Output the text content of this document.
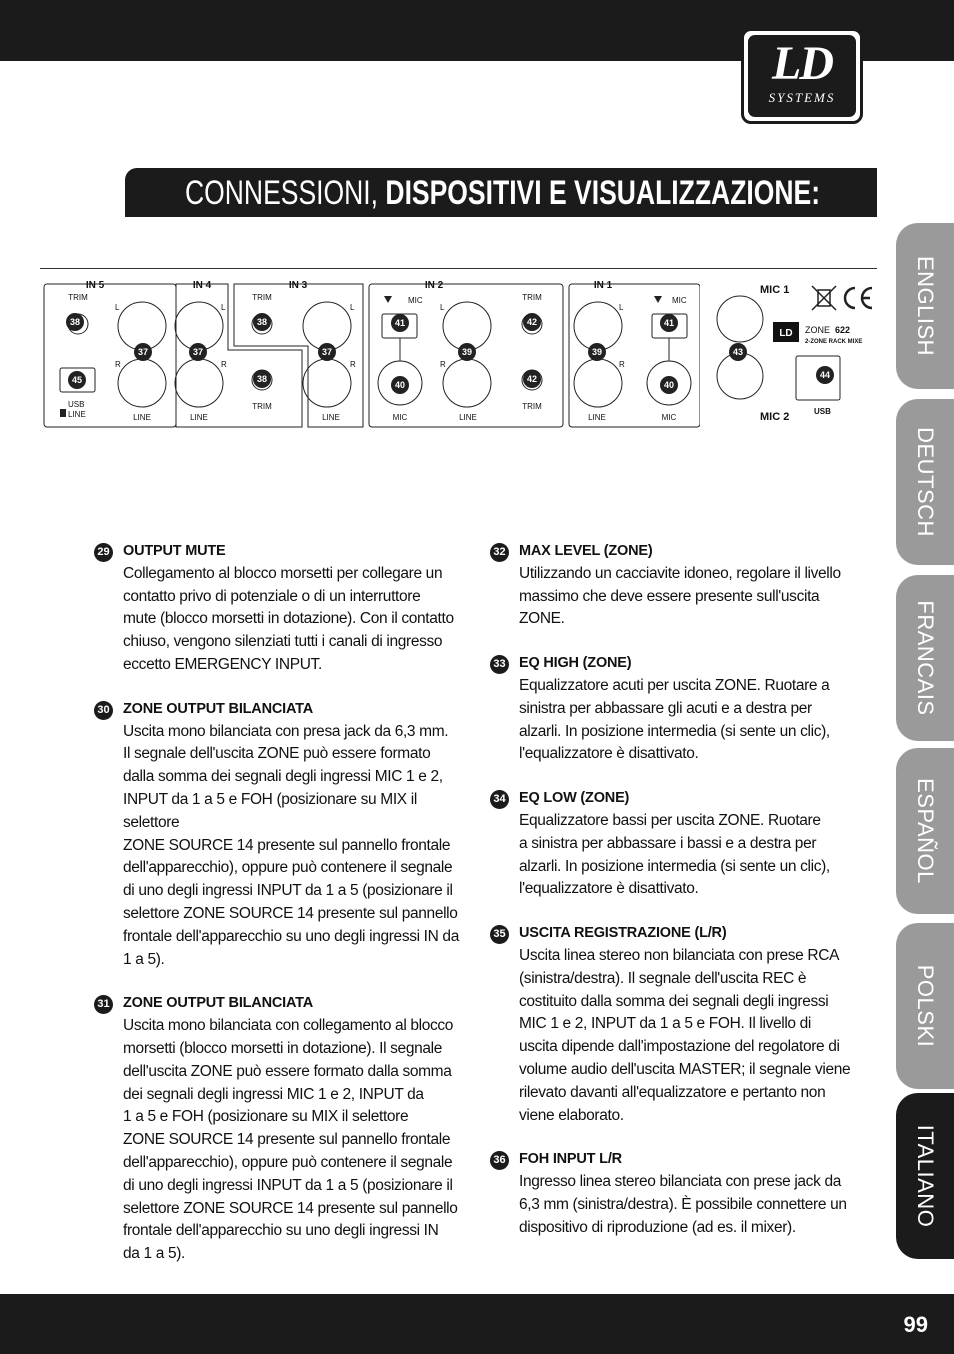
LD
SYSTEMS
CONNESSIONI, DISPOSITIVI E VISUALIZZAZIONE:
ENGLISH
DEUTSCH
FRANCAIS
ESPAÑOL
POLSKI
ITALIANO
IN 5	IN 4	IN 3	IN 2	IN 1
TRIM	TRIM	TRIM
TRIM	TRIM
LINE	LINE	LINE	LINE	LINE
MIC	MIC
MIC	MIC
L
R
L
R
L
R
L
R
L
R
USB
LINE
38
37	37
38
38
37
41
40
39
42
42
39
41
40
45
MIC 1
MIC 2	USB
ZONE 622
2-ZONE RACK MIXE
LD
43
44
29 OUTPUT MUTE
Collegamento al blocco morsetti per collegare un
contatto privo di potenziale o di un interruttore
mute (blocco morsetti in dotazione). Con il contatto
chiuso, vengono silenziati tutti i canali di ingresso
eccetto EMERGENCY INPUT.
30 ZONE OUTPUT BILANCIATA
Uscita mono bilanciata con presa jack da 6,3 mm.
Il segnale dell'uscita ZONE può essere formato
dalla somma dei segnali degli ingressi MIC 1 e 2,
INPUT da 1 a 5 e FOH (posizionare su MIX il selettore
ZONE SOURCE 14 presente sul pannello frontale
dell'apparecchio), oppure può contenere il segnale
di uno degli ingressi INPUT da 1 a 5 (posizionare il
selettore ZONE SOURCE 14 presente sul pannello
frontale dell'apparecchio su uno degli ingressi IN da
1 a 5).
31 ZONE OUTPUT BILANCIATA
Uscita mono bilanciata con collegamento al blocco
morsetti (blocco morsetti in dotazione). Il segnale
dell'uscita ZONE può essere formato dalla somma
dei segnali degli ingressi MIC 1 e 2, INPUT da
1 a 5 e FOH (posizionare su MIX il selettore
ZONE SOURCE 14 presente sul pannello frontale
dell'apparecchio), oppure può contenere il segnale
di uno degli ingressi INPUT da 1 a 5 (posizionare il
selettore ZONE SOURCE 14 presente sul pannello
frontale dell'apparecchio su uno degli ingressi IN
da 1 a 5).
32 MAX LEVEL (ZONE)
Utilizzando un cacciavite idoneo, regolare il livello
massimo che deve essere presente sull'uscita
ZONE.
33 EQ HIGH (ZONE)
Equalizzatore acuti per uscita ZONE. Ruotare a
sinistra per abbassare gli acuti e a destra per
alzarli. In posizione intermedia (si sente un clic),
l'equalizzatore è disattivato.
34 EQ LOW (ZONE)
Equalizzatore bassi per uscita ZONE. Ruotare
a sinistra per abbassare i bassi e a destra per
alzarli. In posizione intermedia (si sente un clic),
l'equalizzatore è disattivato.
35 USCITA REGISTRAZIONE (L/R)
Uscita linea stereo non bilanciata con prese RCA
(sinistra/destra). Il segnale dell'uscita REC è
costituito dalla somma dei segnali degli ingressi
MIC 1 e 2, INPUT da 1 a 5 e FOH. Il livello di
uscita dipende dall'impostazione del regolatore di
volume audio dell'uscita MASTER; il segnale viene
rilevato davanti all'equalizzatore e pertanto non
viene elaborato.
36 FOH INPUT L/R
Ingresso linea stereo bilanciata con prese jack da
6,3 mm (sinistra/destra). È possibile connettere un
dispositivo di riproduzione (ad es. il mixer).
99
